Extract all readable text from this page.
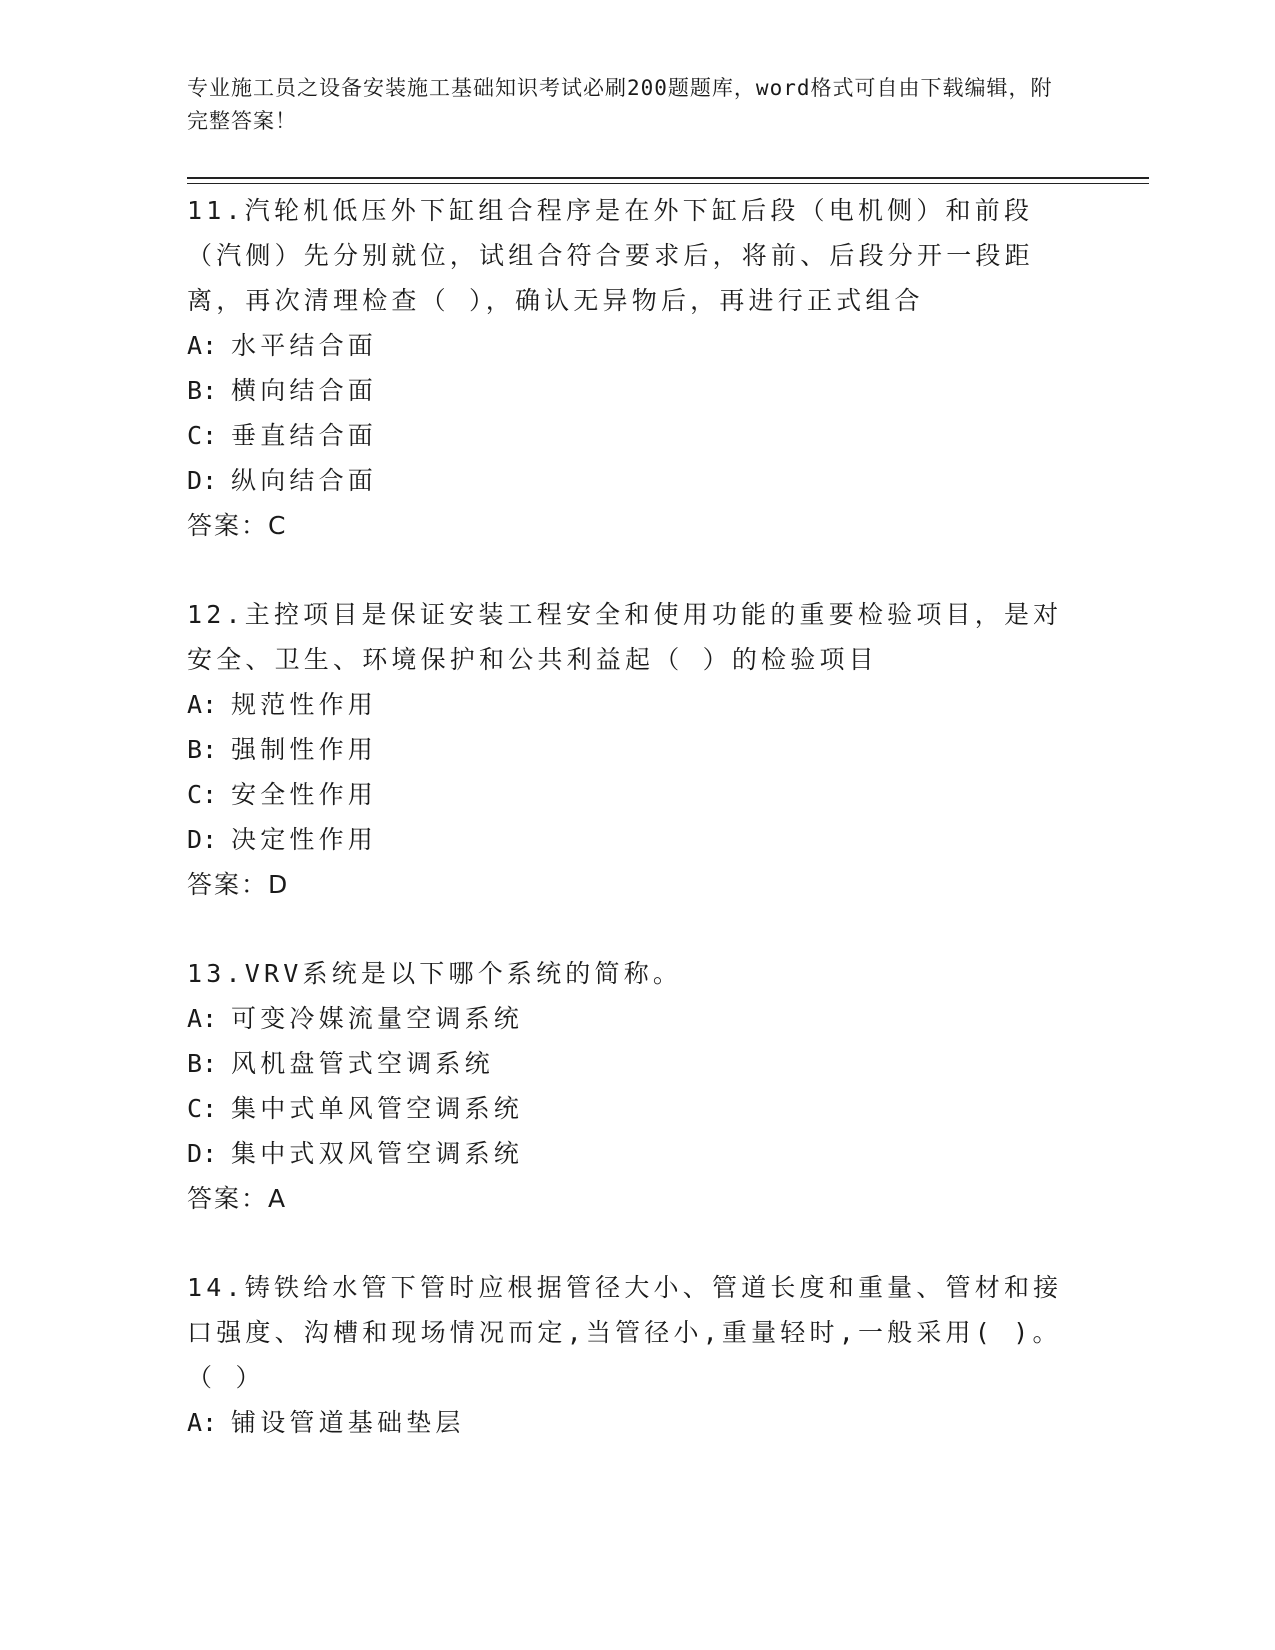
专业施工员之设备安装施工基础知识考试必刷200题题库，word格式可自由下载编辑，附完整答案！
11.汽轮机低压外下缸组合程序是在外下缸后段（电机侧）和前段（汽侧）先分别就位，试组合符合要求后，将前、后段分开一段距离，再次清理检查（ ），确认无异物后，再进行正式组合
A: 水平结合面
B: 横向结合面
C: 垂直结合面
D: 纵向结合面
答案：C
12.主控项目是保证安装工程安全和使用功能的重要检验项目，是对安全、卫生、环境保护和公共利益起（ ）的检验项目
A: 规范性作用
B: 强制性作用
C: 安全性作用
D: 决定性作用
答案：D
13.VRV系统是以下哪个系统的简称。
A: 可变冷媒流量空调系统
B: 风机盘管式空调系统
C: 集中式单风管空调系统
D: 集中式双风管空调系统
答案：A
14.铸铁给水管下管时应根据管径大小、管道长度和重量、管材和接口强度、沟槽和现场情况而定,当管径小,重量轻时,一般采用( )。（ ）
A: 铺设管道基础垫层
